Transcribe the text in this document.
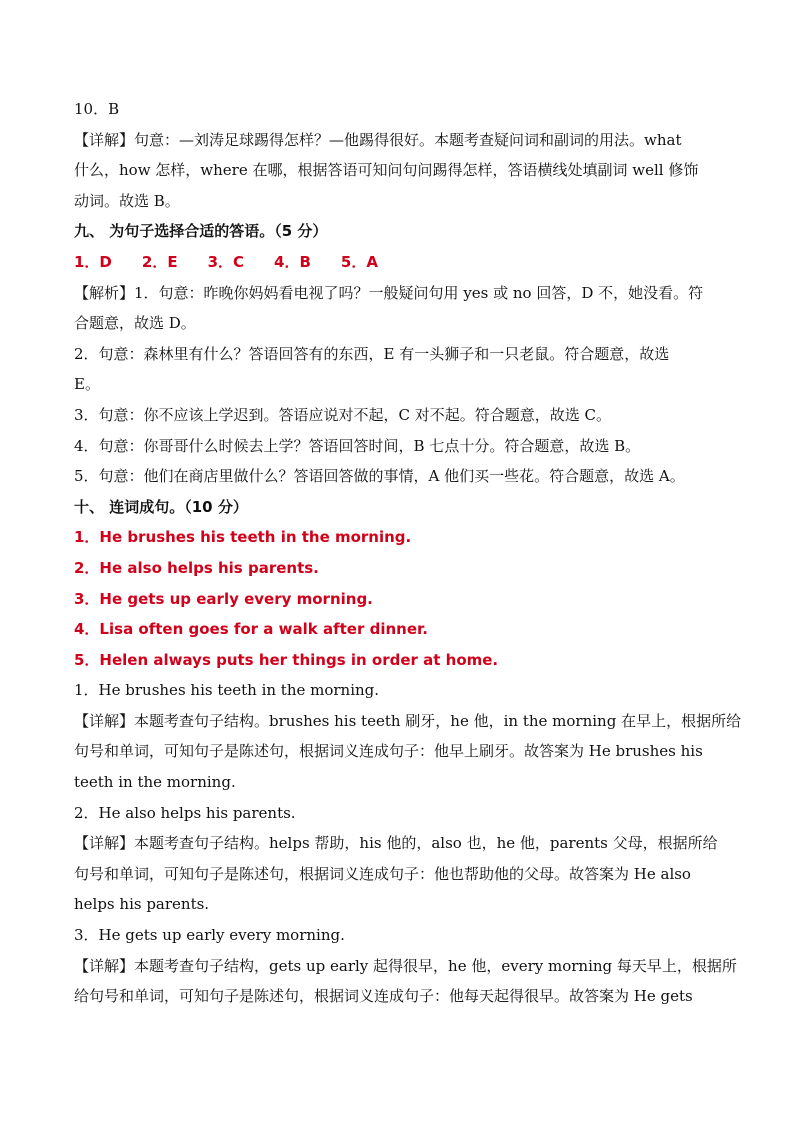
10．B
【详解】句意：—刘涛足球踢得怎样？—他踢得很好。本题考查疑问词和副词的用法。what
什么，how 怎样，where 在哪，根据答语可知问句问踢得怎样，答语横线处填副词 well 修饰
动词。故选 B。
九、 为句子选择合适的答语。（5 分）
1．D　　2．E　　3．C　　4．B　　5．A
【解析】1．句意：昨晚你妈妈看电视了吗？一般疑问句用 yes 或 no 回答，D 不，她没看。符
合题意，故选 D。
2．句意：森林里有什么？答语回答有的东西，E 有一头狮子和一只老鼠。符合题意，故选
E。
3．句意：你不应该上学迟到。答语应说对不起，C 对不起。符合题意，故选 C。
4．句意：你哥哥什么时候去上学？答语回答时间，B 七点十分。符合题意，故选 B。
5．句意：他们在商店里做什么？答语回答做的事情，A 他们买一些花。符合题意，故选 A。
十、 连词成句。（10 分）
1．He brushes his teeth in the morning.
2．He also helps his parents.
3．He gets up early every morning.
4．Lisa often goes for a walk after dinner.
5．Helen always puts her things in order at home.
1．He brushes his teeth in the morning.
【详解】本题考查句子结构。brushes his teeth 刷牙，he 他，in the morning 在早上，根据所给
句号和单词，可知句子是陈述句，根据词义连成句子：他早上刷牙。故答案为 He brushes his
teeth in the morning.
2．He also helps his parents.
【详解】本题考查句子结构。helps 帮助，his 他的，also 也，he 他，parents 父母，根据所给
句号和单词，可知句子是陈述句，根据词义连成句子：他也帮助他的父母。故答案为 He also
helps his parents.
3．He gets up early every morning.
【详解】本题考查句子结构，gets up early 起得很早，he 他，every morning 每天早上，根据所
给句号和单词，可知句子是陈述句，根据词义连成句子：他每天起得很早。故答案为 He gets
